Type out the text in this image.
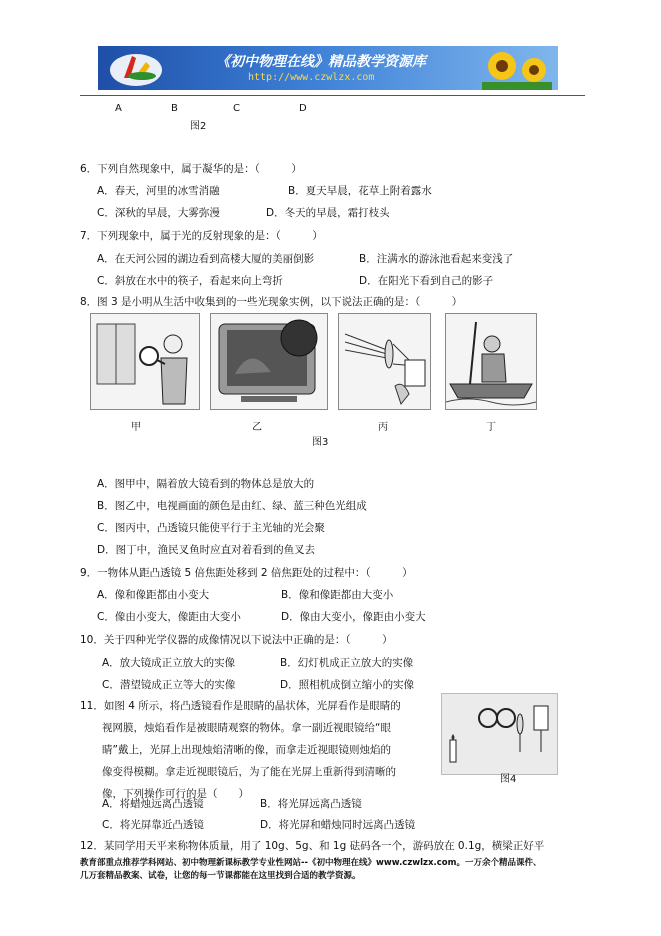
《初中物理在线》精品教学资源库
http://www.czwlzx.com
A	B	C	D
图2
6．下列自然现象中，属于凝华的是：（　　　）
A．春天，河里的冰雪消融	B．夏天早晨，花草上附着露水
C．深秋的早晨，大雾弥漫	D．冬天的早晨，霜打枝头
7．下列现象中，属于光的反射现象的是：（　　　）
A．在天河公园的湖边看到高楼大厦的美丽倒影	B．注满水的游泳池看起来变浅了
C．斜放在水中的筷子，看起来向上弯折	D．在阳光下看到自己的影子
8．图 3 是小明从生活中收集到的一些光现象实例，以下说法正确的是：（　　　）
甲	乙	丙	丁
图3
A．图甲中，隔着放大镜看到的物体总是放大的
B．图乙中，电视画面的颜色是由红、绿、蓝三种色光组成
C．图丙中，凸透镜只能使平行于主光轴的光会聚
D．图丁中，渔民叉鱼时应直对着看到的鱼叉去
9．一物体从距凸透镜 5 倍焦距处移到 2 倍焦距处的过程中：（　　　）
A．像和像距都由小变大	B．像和像距都由大变小
C．像由小变大，像距由大变小	D．像由大变小，像距由小变大
10．关于四种光学仪器的成像情况以下说法中正确的是：（　　　）
A．放大镜成正立放大的实像	B．幻灯机成正立放大的实像
C．潜望镜成正立等大的实像	D．照相机成倒立缩小的实像
11．如图 4 所示，将凸透镜看作是眼睛的晶状体，光屏看作是眼睛的
视网膜，烛焰看作是被眼睛观察的物体。拿一副近视眼镜给“眼
睛”戴上，光屏上出现烛焰清晰的像，而拿走近视眼镜则烛焰的
像变得模糊。拿走近视眼镜后，为了能在光屏上重新得到清晰的
像，下列操作可行的是（　　）
图4
A．将蜡烛远离凸透镜	B．将光屏远离凸透镜
C．将光屏靠近凸透镜	D．将光屏和蜡烛同时远离凸透镜
12．某同学用天平来称物体质量，用了 10g、5g、和 1g 砝码各一个，游码放在 0.1g，横梁正好平
教育部重点推荐学科网站、初中物理新课标教学专业性网站--《初中物理在线》www.czwlzx.com。一万余个精品课件、
几万套精品教案、试卷，让您的每一节课都能在这里找到合适的教学资源。
